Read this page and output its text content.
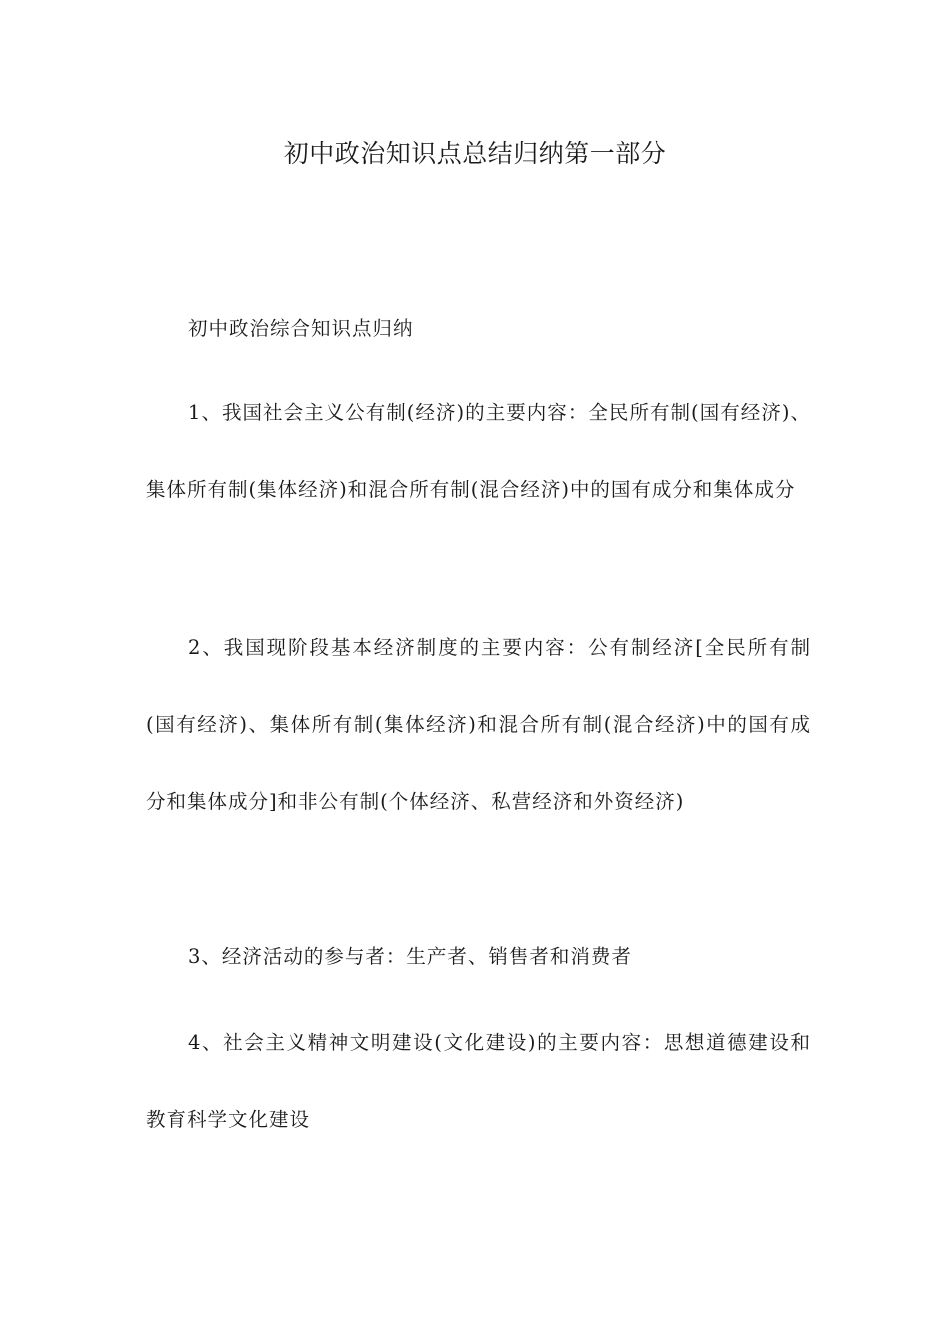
初中政治知识点总结归纳第一部分

初中政治综合知识点归纳

1、我国社会主义公有制(经济)的主要内容：全民所有制(国有经济)、集体所有制(集体经济)和混合所有制(混合经济)中的国有成分和集体成分

2、我国现阶段基本经济制度的主要内容：公有制经济[全民所有制(国有经济)、集体所有制(集体经济)和混合所有制(混合经济)中的国有成分和集体成分]和非公有制(个体经济、私营经济和外资经济)

3、经济活动的参与者：生产者、销售者和消费者

4、社会主义精神文明建设(文化建设)的主要内容：思想道德建设和教育科学文化建设
